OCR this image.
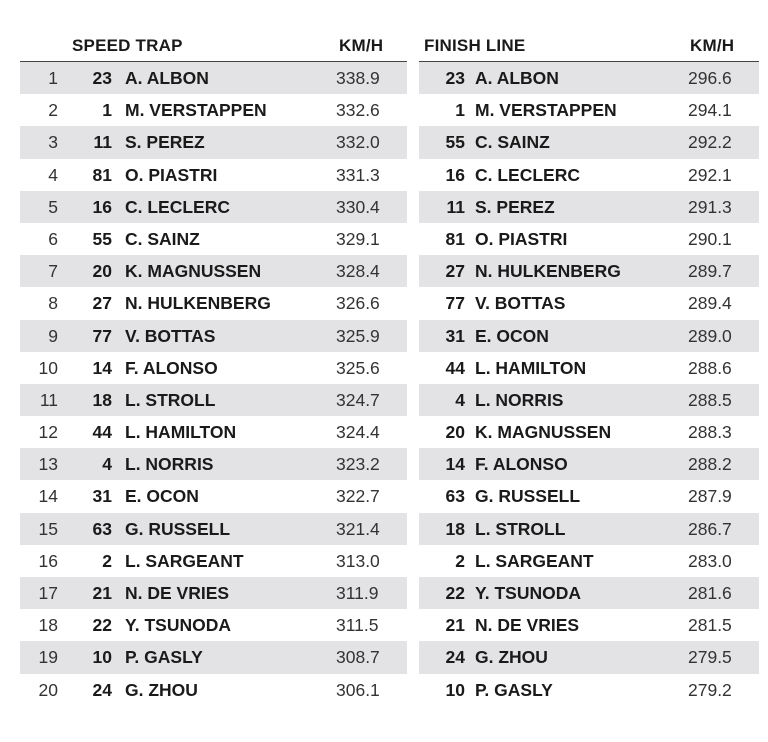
SPEED TRAP	KM/H
1	23 A. ALBON	338.9
2	1 M. VERSTAPPEN	332.6
3	11 S. PEREZ	332.0
4	81 O. PIASTRI	331.3
5	16 C. LECLERC	330.4
6	55 C. SAINZ	329.1
7	20 K. MAGNUSSEN	328.4
8	27 N. HULKENBERG	326.6
9	77 V. BOTTAS	325.9
10	14 F. ALONSO	325.6
11	18 L. STROLL	324.7
12	44 L. HAMILTON	324.4
13	4 L. NORRIS	323.2
14	31 E. OCON	322.7
15	63 G. RUSSELL	321.4
16	2 L. SARGEANT	313.0
17	21 N. DE VRIES	311.9
18	22 Y. TSUNODA	311.5
19	10 P. GASLY	308.7
20	24 G. ZHOU	306.1
FINISH LINE	KM/H
23 A. ALBON	296.6
1 M. VERSTAPPEN	294.1
55 C. SAINZ	292.2
16 C. LECLERC	292.1
11 S. PEREZ	291.3
81 O. PIASTRI	290.1
27 N. HULKENBERG	289.7
77 V. BOTTAS	289.4
31 E. OCON	289.0
44 L. HAMILTON	288.6
4 L. NORRIS	288.5
20 K. MAGNUSSEN	288.3
14 F. ALONSO	288.2
63 G. RUSSELL	287.9
18 L. STROLL	286.7
2 L. SARGEANT	283.0
22 Y. TSUNODA	281.6
21 N. DE VRIES	281.5
24 G. ZHOU	279.5
10 P. GASLY	279.2
